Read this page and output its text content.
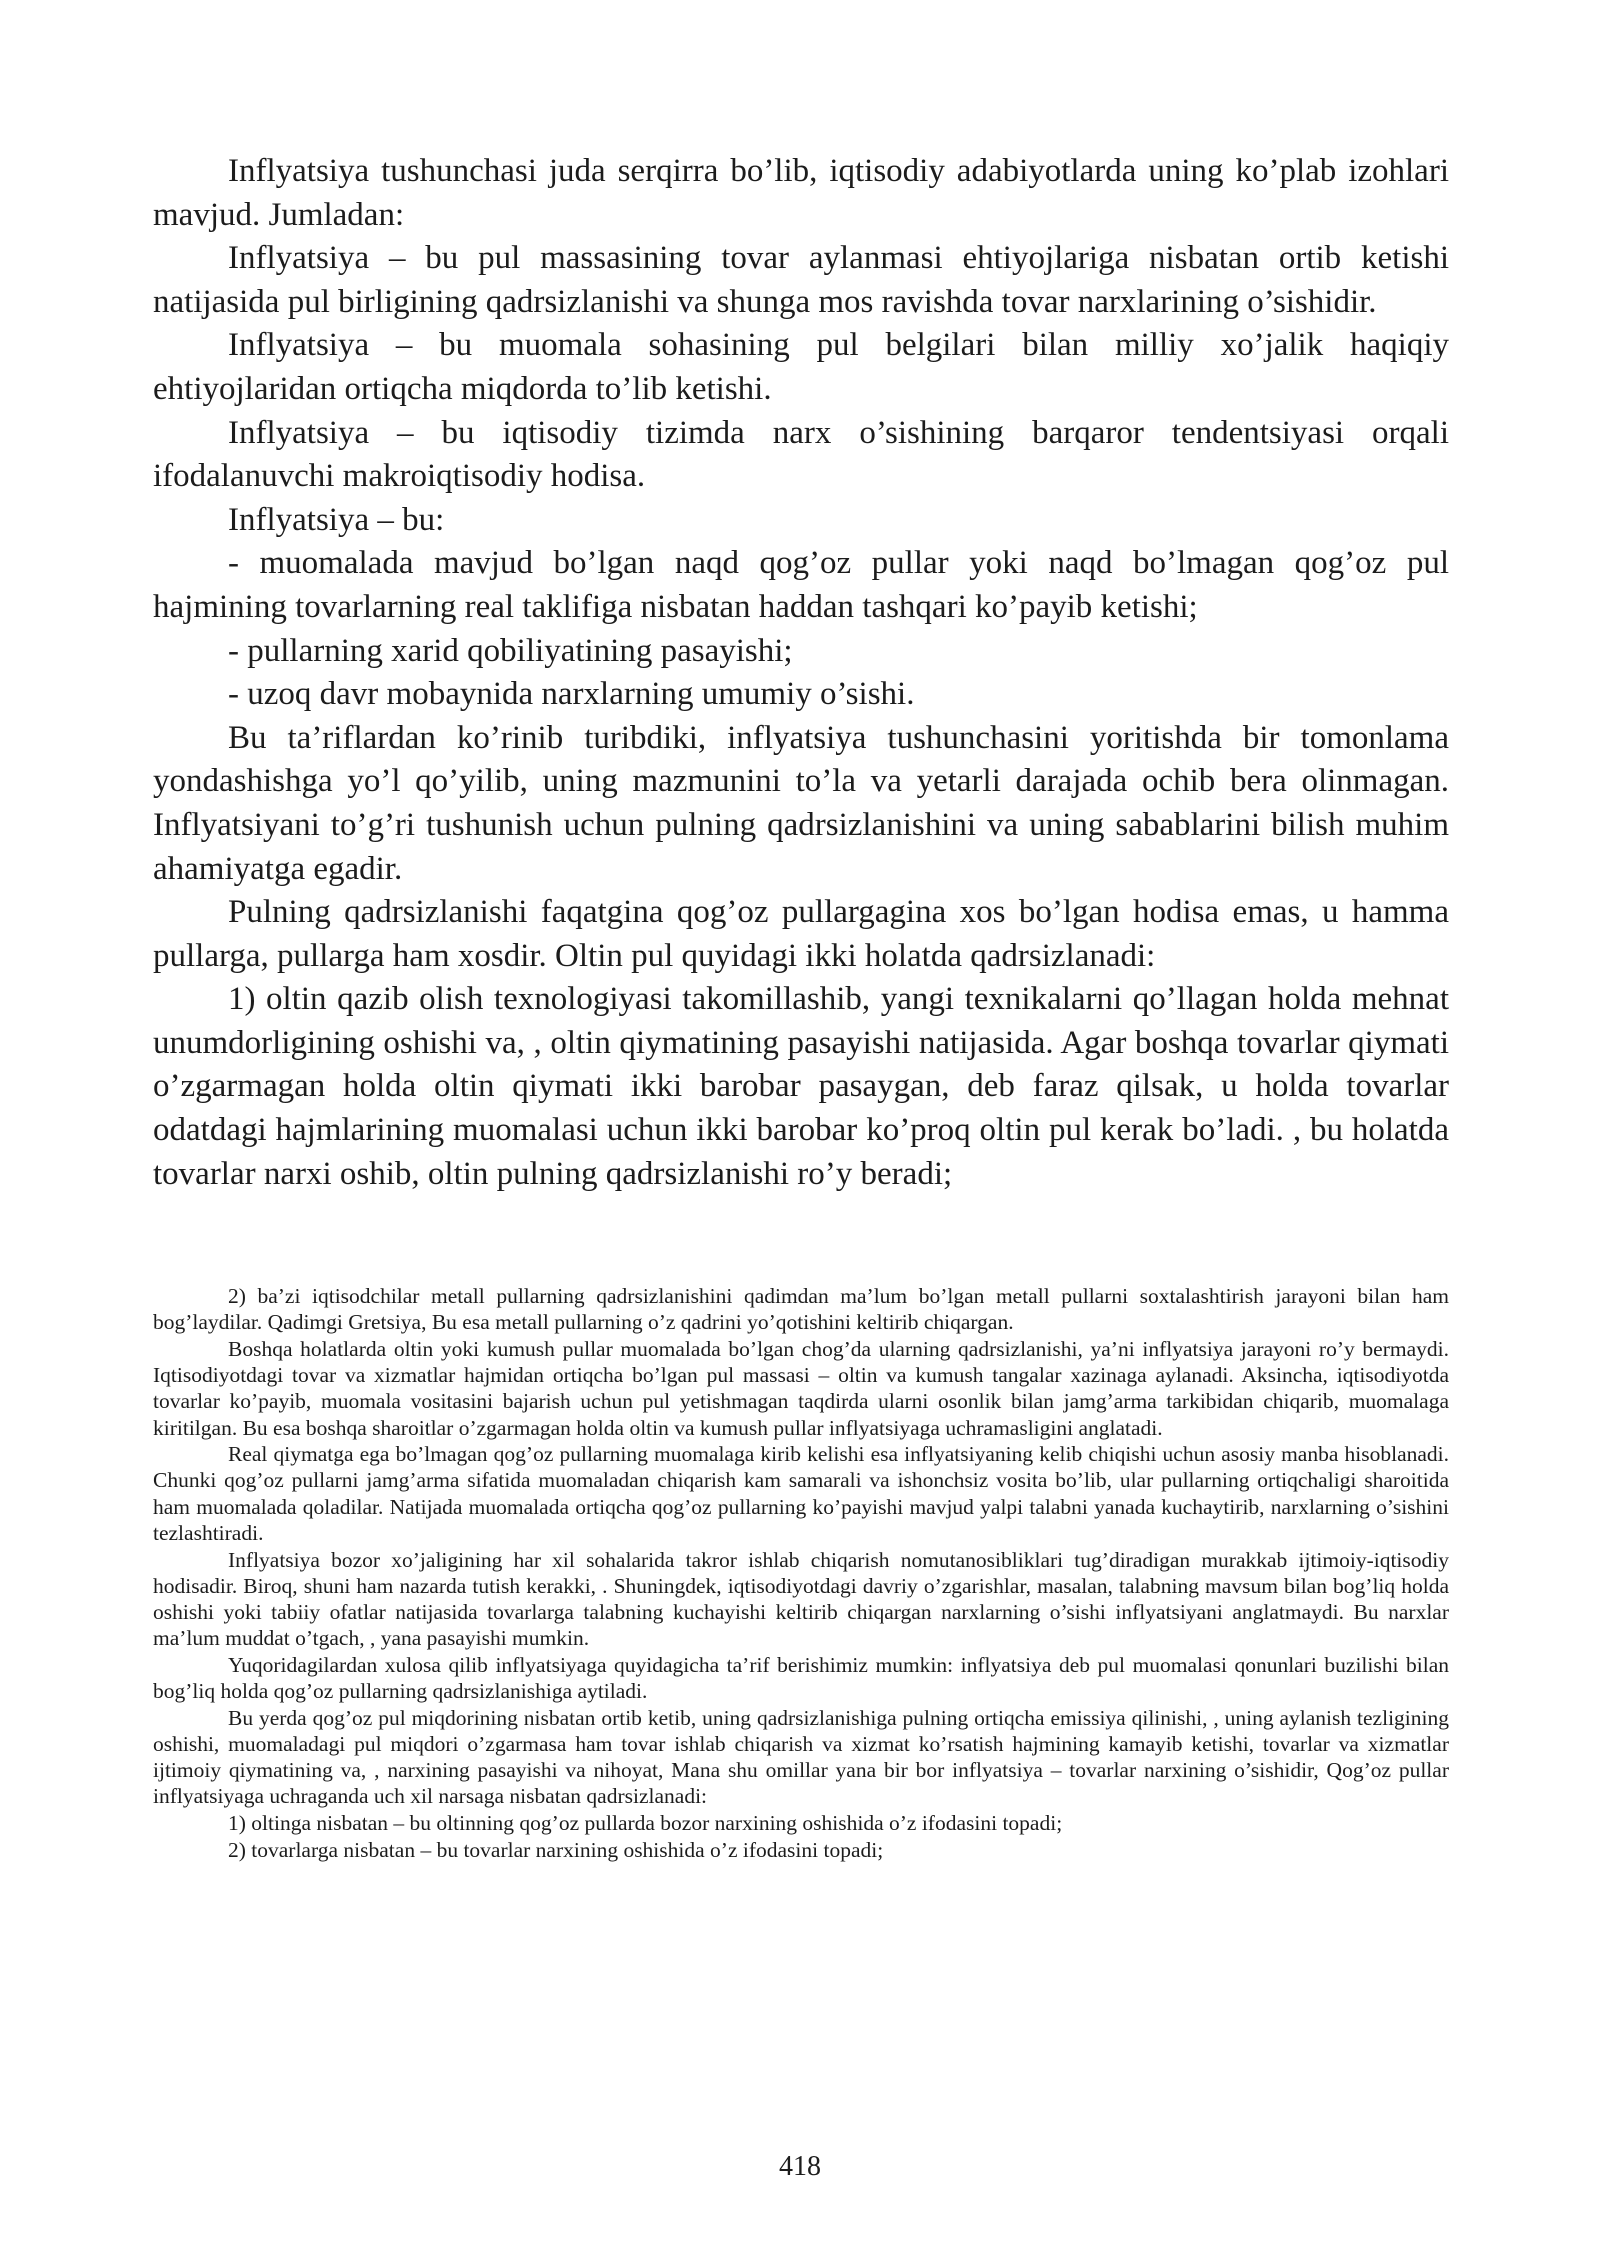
Inflyatsiya tushunchasi juda serqirra bo’lib, iqtisodiy adabiyotlarda uning ko’plab izohlari mavjud. Jumladan:

Inflyatsiya – bu pul massasining tovar aylanmasi ehtiyojlariga nisbatan ortib ketishi natijasida pul birligining qadrsizlanishi va shunga mos ravishda tovar narxlarining o’sishidir.

Inflyatsiya – bu muomala sohasining pul belgilari bilan milliy xo’jalik haqiqiy ehtiyojlaridan ortiqcha miqdorda to’lib ketishi.

Inflyatsiya – bu iqtisodiy tizimda narx o’sishining barqaror tendentsiyasi orqali ifodalanuvchi makroiqtisodiy hodisa.

Inflyatsiya – bu:

- muomalada mavjud bo’lgan naqd qog’oz pullar yoki naqd bo’lmagan qog’oz pul hajmining tovarlarning real taklifiga nisbatan haddan tashqari ko’payib ketishi;

- pullarning xarid qobiliyatining pasayishi;

- uzoq davr mobaynida narxlarning umumiy o’sishi.

Bu ta’riflardan ko’rinib turibdiki, inflyatsiya tushunchasini yoritishda bir tomonlama yondashishga yo’l qo’yilib, uning mazmunini to’la va yetarli darajada ochib bera olinmagan. Inflyatsiyani to’g’ri tushunish uchun pulning qadrsizlanishini va uning sabablarini bilish muhim ahamiyatga egadir.

Pulning qadrsizlanishi faqatgina qog’oz pullargagina xos bo’lgan hodisa emas, u hamma pullarga, pullarga ham xosdir. Oltin pul quyidagi ikki holatda qadrsizlanadi:

1) oltin qazib olish texnologiyasi takomillashib, yangi texnikalarni qo’llagan holda mehnat unumdorligining oshishi va, , oltin qiymatining pasayishi natijasida. Agar boshqa tovarlar qiymati o’zgarmagan holda oltin qiymati ikki barobar pasaygan, deb faraz qilsak, u holda tovarlar odatdagi hajmlarining muomalasi uchun ikki barobar ko’proq oltin pul kerak bo’ladi. , bu holatda tovarlar narxi oshib, oltin pulning qadrsizlanishi ro’y beradi;

2) ba’zi iqtisodchilar metall pullarning qadrsizlanishini qadimdan ma’lum bo’lgan metall pullarni soxtalashtirish jarayoni bilan ham bog’laydilar. Qadimgi Gretsiya, Bu esa metall pullarning o’z qadrini yo’qotishini keltirib chiqargan.

Boshqa holatlarda oltin yoki kumush pullar muomalada bo’lgan chog’da ularning qadrsizlanishi, ya’ni inflyatsiya jarayoni ro’y bermaydi. Iqtisodiyotdagi tovar va xizmatlar hajmidan ortiqcha bo’lgan pul massasi – oltin va kumush tangalar xazinaga aylanadi. Aksincha, iqtisodiyotda tovarlar ko’payib, muomala vositasini bajarish uchun pul yetishmagan taqdirda ularni osonlik bilan jamg’arma tarkibidan chiqarib, muomalaga kiritilgan. Bu esa boshqa sharoitlar o’zgarmagan holda oltin va kumush pullar inflyatsiyaga uchramasligini anglatadi.

Real qiymatga ega bo’lmagan qog’oz pullarning muomalaga kirib kelishi esa inflyatsiyaning kelib chiqishi uchun asosiy manba hisoblanadi. Chunki qog’oz pullarni jamg’arma sifatida muomaladan chiqarish kam samarali va ishonchsiz vosita bo’lib, ular pullarning ortiqchaligi sharoitida ham muomalada qoladilar. Natijada muomalada ortiqcha qog’oz pullarning ko’payishi mavjud yalpi talabni yanada kuchaytirib, narxlarning o’sishini tezlashtiradi.

Inflyatsiya bozor xo’jaligining har xil sohalarida takror ishlab chiqarish nomutanosibliklari tug’diradigan murakkab ijtimoiy-iqtisodiy hodisadir. Biroq, shuni ham nazarda tutish kerakki, . Shuningdek, iqtisodiyotdagi davriy o’zgarishlar, masalan, talabning mavsum bilan bog’liq holda oshishi yoki tabiiy ofatlar natijasida tovarlarga talabning kuchayishi keltirib chiqargan narxlarning o’sishi inflyatsiyani anglatmaydi. Bu narxlar ma’lum muddat o’tgach, , yana pasayishi mumkin.

Yuqoridagilardan xulosa qilib inflyatsiyaga quyidagicha ta’rif berishimiz mumkin: inflyatsiya deb pul muomalasi qonunlari buzilishi bilan bog’liq holda qog’oz pullarning qadrsizlanishiga aytiladi.

Bu yerda qog’oz pul miqdorining nisbatan ortib ketib, uning qadrsizlanishiga pulning ortiqcha emissiya qilinishi, , uning aylanish tezligining oshishi, muomaladagi pul miqdori o’zgarmasa ham tovar ishlab chiqarish va xizmat ko’rsatish hajmining kamayib ketishi, tovarlar va xizmatlar ijtimoiy qiymatining va, , narxining pasayishi va nihoyat, Mana shu omillar yana bir bor inflyatsiya – tovarlar narxining o’sishidir, Qog’oz pullar inflyatsiyaga uchraganda uch xil narsaga nisbatan qadrsizlanadi:

1) oltinga nisbatan – bu oltinning qog’oz pullarda bozor narxining oshishida o’z ifodasini topadi;

2) tovarlarga nisbatan – bu tovarlar narxining oshishida o’z ifodasini topadi;

418
